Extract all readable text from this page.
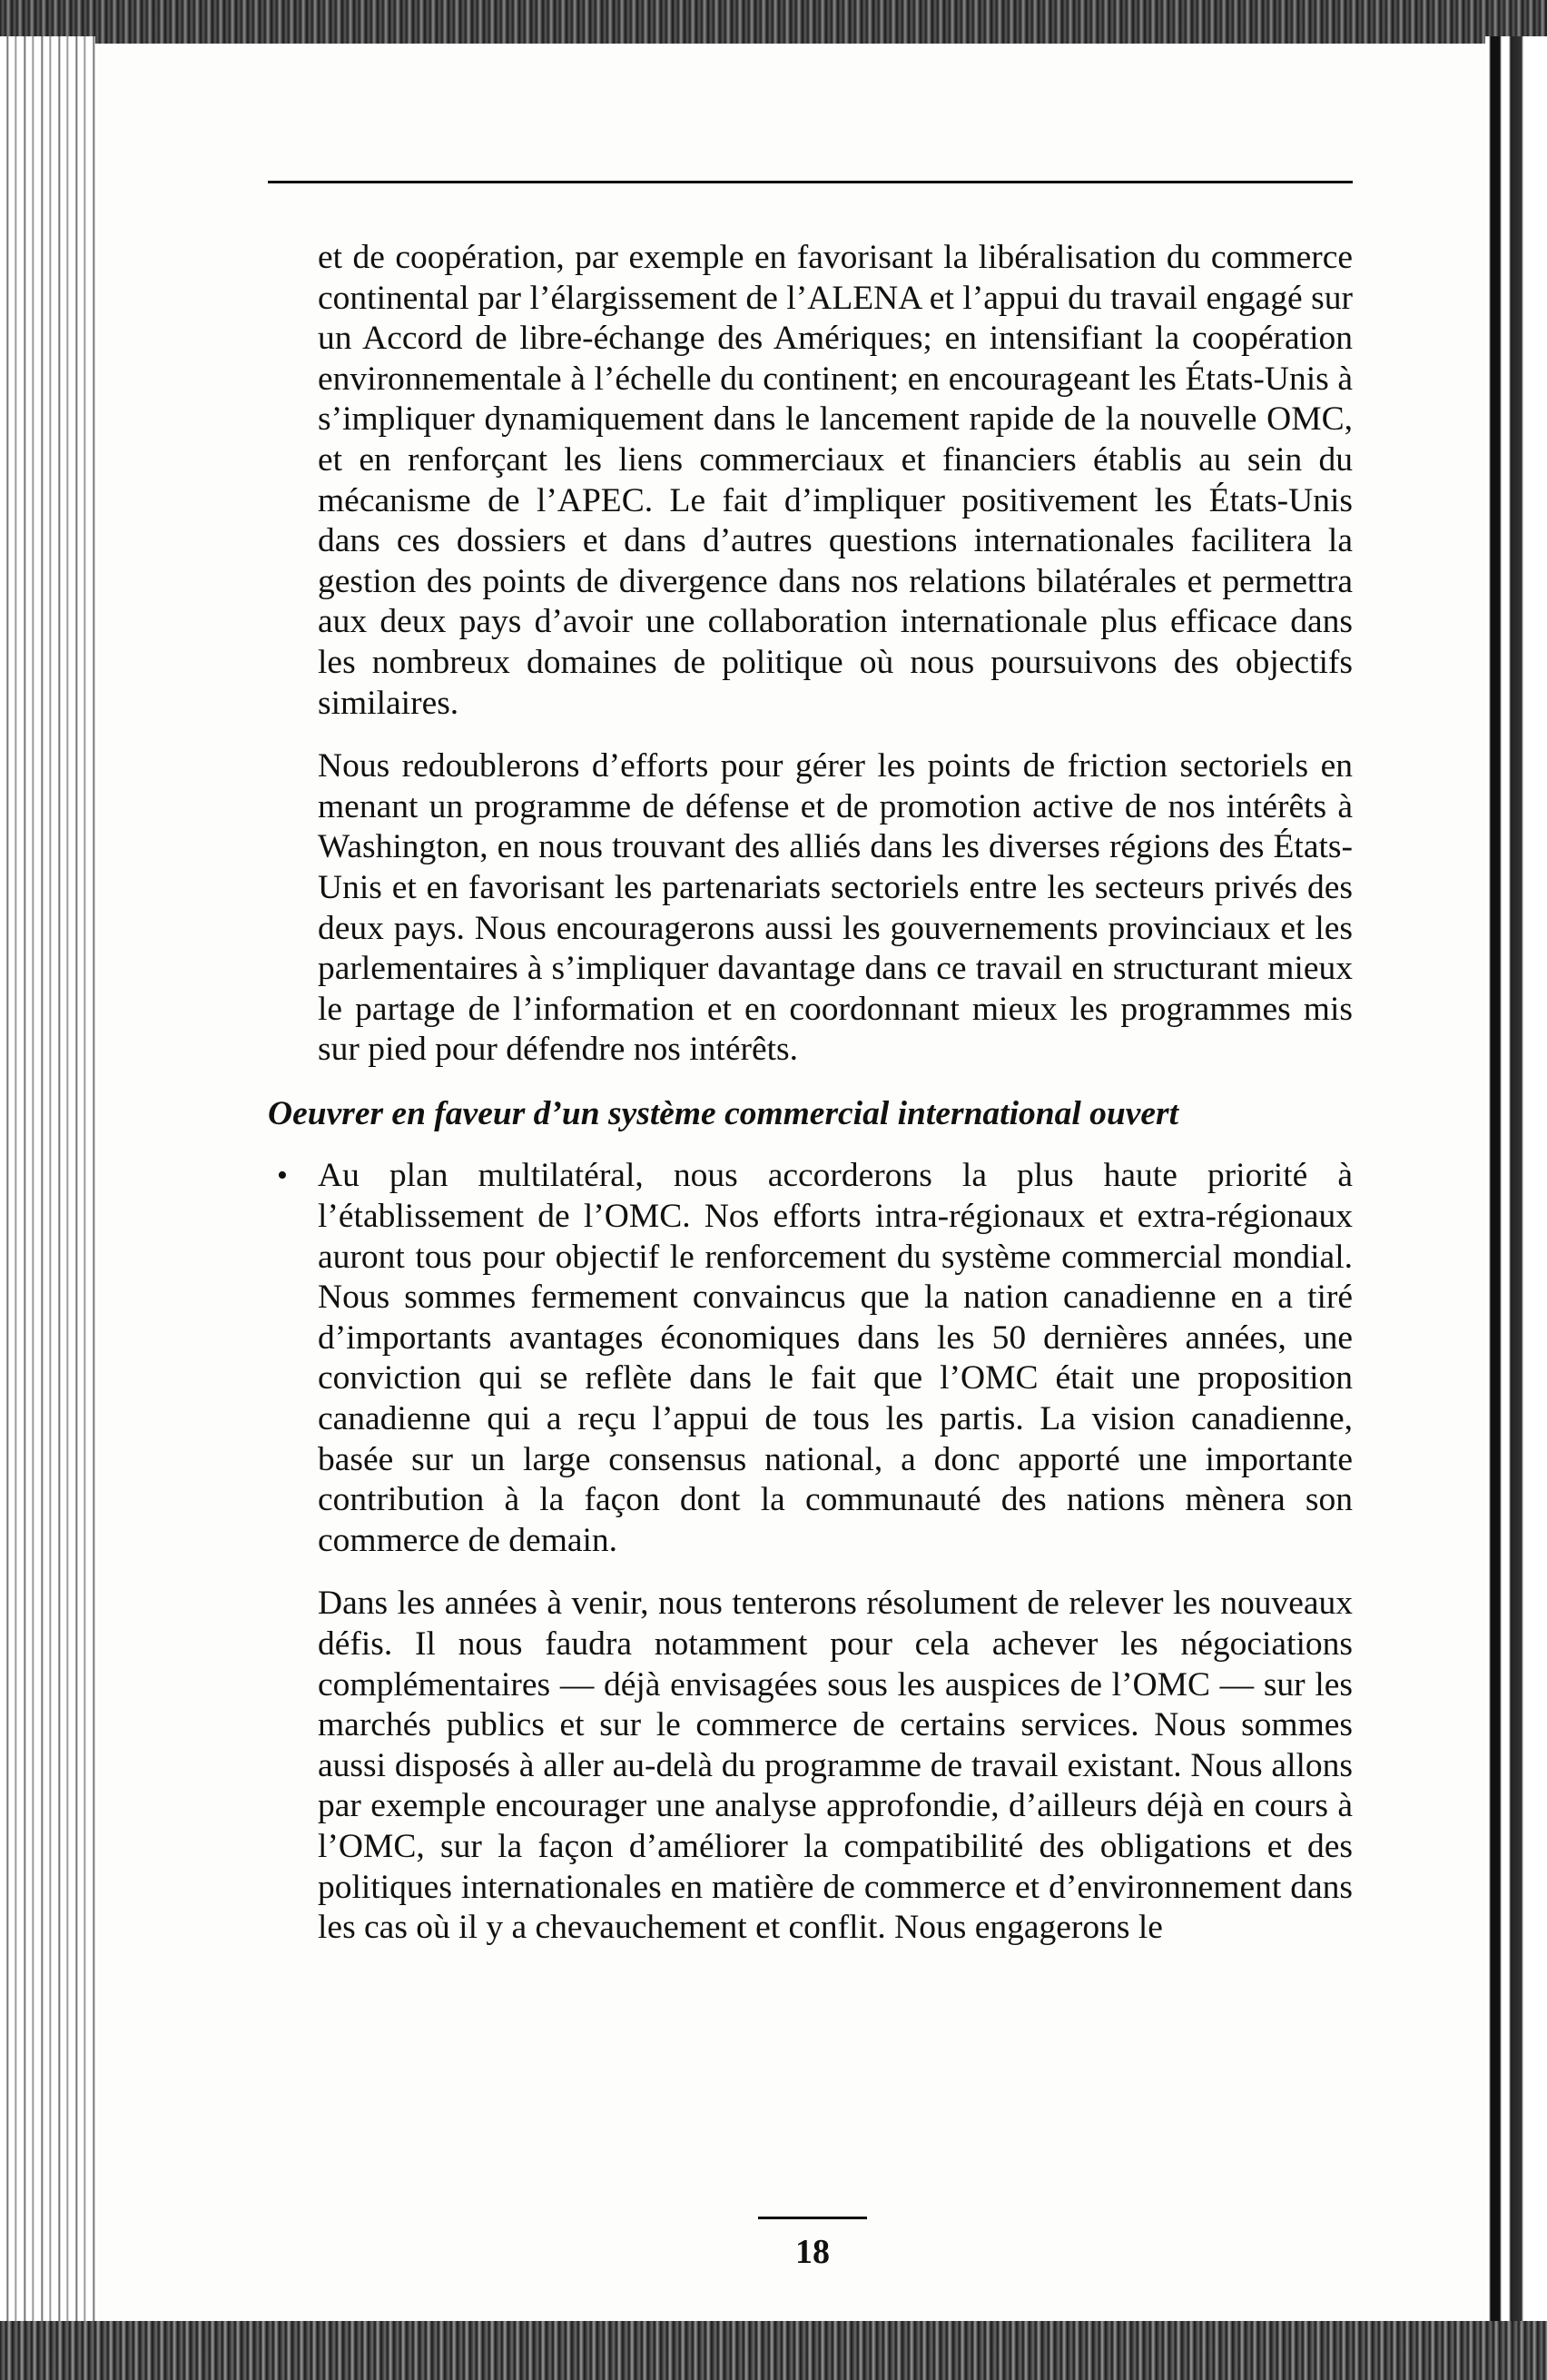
et de coopération, par exemple en favorisant la libéralisation du commerce continental par l’élargissement de l’ALENA et l’appui du travail engagé sur un Accord de libre-échange des Amériques; en intensifiant la coopération environnementale à l’échelle du continent; en encourageant les États-Unis à s’impliquer dynamiquement dans le lancement rapide de la nouvelle OMC, et en renforçant les liens commerciaux et financiers établis au sein du mécanisme de l’APEC. Le fait d’impliquer positivement les États-Unis dans ces dossiers et dans d’autres questions internationales facilitera la gestion des points de divergence dans nos relations bilatérales et permettra aux deux pays d’avoir une collaboration internationale plus efficace dans les nombreux domaines de politique où nous poursuivons des objectifs similaires.

Nous redoublerons d’efforts pour gérer les points de friction sectoriels en menant un programme de défense et de promotion active de nos intérêts à Washington, en nous trouvant des alliés dans les diverses régions des États-Unis et en favorisant les partenariats sectoriels entre les secteurs privés des deux pays. Nous encouragerons aussi les gouvernements provinciaux et les parlementaires à s’impliquer davantage dans ce travail en structurant mieux le partage de l’information et en coordonnant mieux les programmes mis sur pied pour défendre nos intérêts.

Oeuvrer en faveur d’un système commercial international ouvert
• Au plan multilatéral, nous accorderons la plus haute priorité à l’établissement de l’OMC. Nos efforts intra-régionaux et extra-régionaux auront tous pour objectif le renforcement du système commercial mondial. Nous sommes fermement convaincus que la nation canadienne en a tiré d’importants avantages économiques dans les 50 dernières années, une conviction qui se reflète dans le fait que l’OMC était une proposition canadienne qui a reçu l’appui de tous les partis. La vision canadienne, basée sur un large consensus national, a donc apporté une importante contribution à la façon dont la communauté des nations mènera son commerce de demain.

Dans les années à venir, nous tenterons résolument de relever les nouveaux défis. Il nous faudra notamment pour cela achever les négociations complémentaires — déjà envisagées sous les auspices de l’OMC — sur les marchés publics et sur le commerce de certains services. Nous sommes aussi disposés à aller au-delà du programme de travail existant. Nous allons par exemple encourager une analyse approfondie, d’ailleurs déjà en cours à l’OMC, sur la façon d’améliorer la compatibilité des obligations et des politiques internationales en matière de commerce et d’environnement dans les cas où il y a chevauchement et conflit. Nous engagerons le

18
